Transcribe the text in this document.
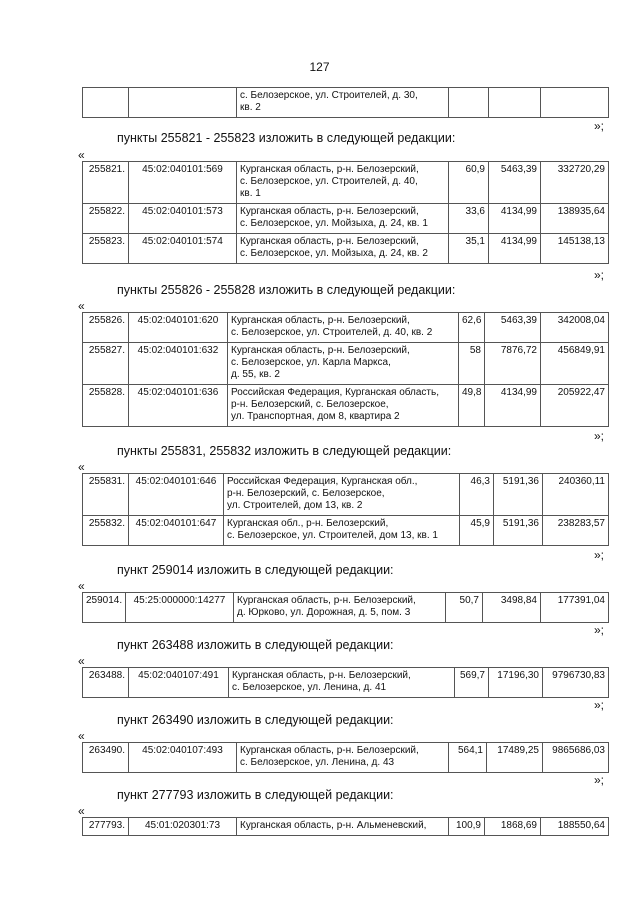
127
		с. Белозерское, ул. Строителей, д. 30,
кв. 2			
»;
пункты 255821 - 255823 изложить в следующей редакции:
«
255821.	45:02:040101:569	Курганская область, р-н. Белозерский,
с. Белозерское, ул. Строителей, д. 40,
кв. 1	60,9	5463,39	332720,29
255822.	45:02:040101:573	Курганская область, р-н. Белозерский,
с. Белозерское, ул. Мойзыха, д. 24, кв. 1	33,6	4134,99	138935,64
255823.	45:02:040101:574	Курганская область, р-н. Белозерский,
с. Белозерское, ул. Мойзыха, д. 24, кв. 2	35,1	4134,99	145138,13
»;
пункты 255826 - 255828 изложить в следующей редакции:
«
255826.	45:02:040101:620	Курганская область, р-н. Белозерский,
с. Белозерское, ул. Строителей, д. 40, кв. 2	62,6	5463,39	342008,04
255827.	45:02:040101:632	Курганская область, р-н. Белозерский,
с. Белозерское, ул. Карла Маркса,
д. 55, кв. 2	58	7876,72	456849,91
255828.	45:02:040101:636	Российская Федерация, Курганская область,
р-н. Белозерский, с. Белозерское,
ул. Транспортная, дом 8, квартира 2	49,8	4134,99	205922,47
»;
пункты 255831, 255832 изложить в следующей редакции:
«
255831.	45:02:040101:646	Российская Федерация, Курганская обл.,
р-н. Белозерский, с. Белозерское,
ул. Строителей, дом 13, кв. 2	46,3	5191,36	240360,11
255832.	45:02:040101:647	Курганская обл., р-н. Белозерский,
с. Белозерское, ул. Строителей, дом 13, кв. 1	45,9	5191,36	238283,57
»;
пункт 259014 изложить в следующей редакции:
«
259014.	45:25:000000:14277	Курганская область, р-н. Белозерский,
д. Юрково, ул. Дорожная, д. 5, пом. 3	50,7	3498,84	177391,04
»;
пункт 263488 изложить в следующей редакции:
«
263488.	45:02:040107:491	Курганская область, р-н. Белозерский,
с. Белозерское, ул. Ленина, д. 41	569,7	17196,30	9796730,83
»;
пункт 263490 изложить в следующей редакции:
«
263490.	45:02:040107:493	Курганская область, р-н. Белозерский,
с. Белозерское, ул. Ленина, д. 43	564,1	17489,25	9865686,03
»;
пункт 277793 изложить в следующей редакции:
«
277793.	45:01:020301:73	Курганская область, р-н. Альменевский,	100,9	1868,69	188550,64
